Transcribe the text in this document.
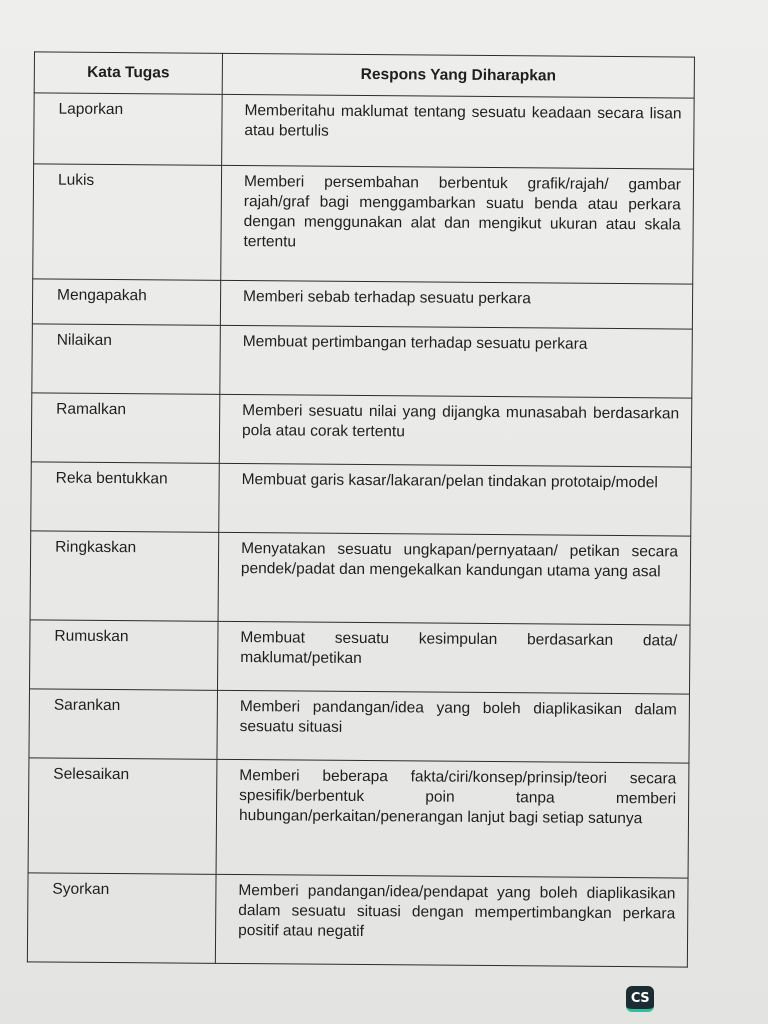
Kata Tugas	Respons Yang Diharapkan
Laporkan	Memberitahu maklumat tentang sesuatu keadaan secara lisan atau bertulis
Lukis	Memberi persembahan berbentuk grafik/rajah/ gambar rajah/graf bagi menggambarkan suatu benda atau perkara dengan menggunakan alat dan mengikut ukuran atau skala tertentu
Mengapakah	Memberi sebab terhadap sesuatu perkara
Nilaikan	Membuat pertimbangan terhadap sesuatu perkara
Ramalkan	Memberi sesuatu nilai yang dijangka munasabah berdasarkan pola atau corak tertentu
Reka bentukkan	Membuat garis kasar/lakaran/pelan tindakan prototaip/model
Ringkaskan	Menyatakan sesuatu ungkapan/pernyataan/ petikan secara pendek/padat dan mengekalkan kandungan utama yang asal
Rumuskan	Membuat sesuatu kesimpulan berdasarkan data/ maklumat/petikan
Sarankan	Memberi pandangan/idea yang boleh diaplikasikan dalam sesuatu situasi
Selesaikan	Memberi beberapa fakta/ciri/konsep/prinsip/teori secara spesifik/berbentuk poin tanpa memberi hubungan/perkaitan/penerangan lanjut bagi setiap satunya
Syorkan	Memberi pandangan/idea/pendapat yang boleh diaplikasikan dalam sesuatu situasi dengan mempertimbangkan perkara positif atau negatif
CS
